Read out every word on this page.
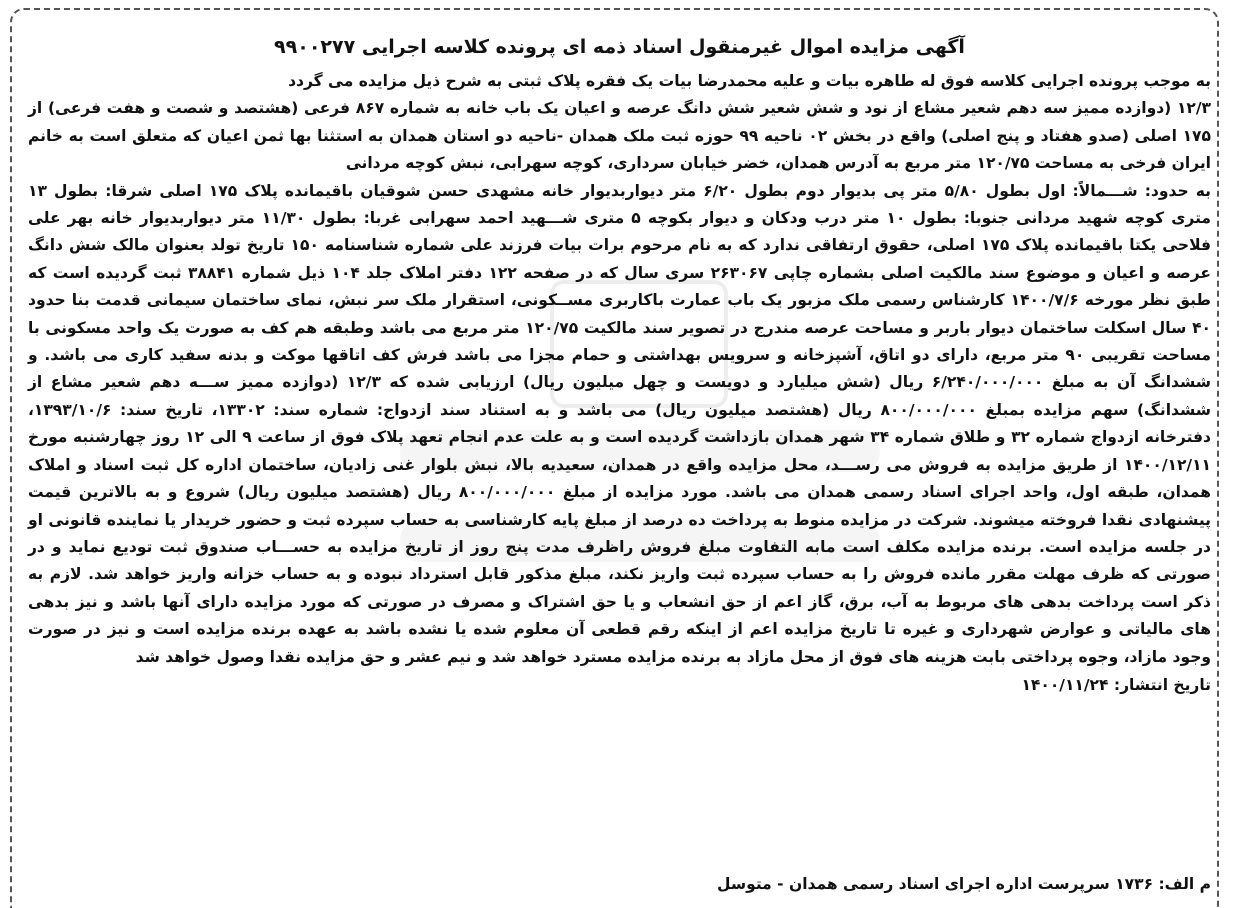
آگهی مزایده اموال غیرمنقول اسناد ذمه ای پرونده کلاسه اجرایی ۹۹۰۰۲۷۷

به موجب پرونده اجرایی کلاسه فوق له طاهره بیات و علیه محمدرضا بیات یک فقره پلاک ثبتی به شرح ذیل مزایده می گردد

۱۲/۳ (دوازده ممیز سه دهم شعیر مشاع از نود و شش شعیر شش دانگ عرصه و اعیان یک باب خانه به شماره ۸۶۷ فرعی (هشتصد و شصت و هفت فرعی) از ۱۷۵ اصلی (صدو هفتاد و پنج اصلی) واقع در بخش ۰۲ ناحیه ۹۹ حوزه ثبت ملک همدان -ناحیه دو استان همدان به استثنا بها ثمن اعیان که متعلق است به خانم ایران فرخی به مساحت ۱۲۰/۷۵ متر مربع به آدرس همدان، خضر خیابان سرداری، کوچه سهرابی، نبش کوچه مردانی

به حدود: شـــمالاً: اول بطول ۵/۸۰ متر پی بدیوار دوم بطول ۶/۲۰ متر دیواربدیوار خانه مشهدی حسن شوقیان باقیمانده پلاک ۱۷۵ اصلی شرقا: بطول ۱۳ متری کوچه شهید مردانی جنوبا: بطول ۱۰ متر درب ودکان و دیوار بکوچه ۵ متری شـــهید احمد سهرابی غربا: بطول ۱۱/۳۰ متر دیواربدیوار خانه بهر علی فلاحی یکتا باقیمانده پلاک ۱۷۵ اصلی، حقوق ارتفاقی ندارد که به نام مرحوم برات بیات فرزند علی شماره شناسنامه ۱۵۰ تاریخ تولد بعنوان مالک شش دانگ عرصه و اعیان و موضوع سند مالکیت اصلی بشماره چاپی ۲۶۳۰۶۷ سری سال که در صفحه ۱۲۲ دفتر املاک جلد ۱۰۴ ذیل شماره ۳۸۸۴۱ ثبت گردیده است که طبق نظر مورخه ۱۴۰۰/۷/۶ کارشناس رسمی ملک مزبور یک باب عمارت باکاربری مســکونی، استقرار ملک سر نبش، نمای ساختمان سیمانی قدمت بنا حدود ۴۰ سال اسکلت ساختمان دیوار باربر و مساحت عرصه مندرج در تصویر سند مالکیت ۱۲۰/۷۵ متر مربع می باشد وطبقه هم کف به صورت یک واحد مسکونی با مساحت تقریبی ۹۰ متر مربع، دارای دو اتاق، آشپزخانه و سرویس بهداشتی و حمام مجزا می باشد فرش کف اتاقها موکت و بدنه سفید کاری می باشد. و ششدانگ آن به مبلغ ۶/۲۴۰/۰۰۰/۰۰۰ ریال (شش میلیارد و دویست و چهل میلیون ریال) ارزیابی شده که ۱۲/۳ (دوازده ممیز ســـه دهم شعیر مشاع از ششدانگ) سهم مزایده بمبلغ ۸۰۰/۰۰۰/۰۰۰ ریال (هشتصد میلیون ریال) می باشد و به استناد سند ازدواج: شماره سند: ۱۳۳۰۲، تاریخ سند: ۱۳۹۳/۱۰/۶، دفترخانه ازدواج شماره ۳۲ و طلاق شماره ۳۴ شهر همدان بازداشت گردیده است و به علت عدم انجام تعهد پلاک فوق از ساعت ۹ الی ۱۲ روز چهارشنبه مورخ ۱۴۰۰/۱۲/۱۱ از طریق مزایده به فروش می رســـد، محل مزایده واقع در همدان، سعیدیه بالا، نبش بلوار غنی زادیان، ساختمان اداره کل ثبت اسناد و املاک همدان، طبقه اول، واحد اجرای اسناد رسمی همدان می باشد. مورد مزایده از مبلغ ۸۰۰/۰۰۰/۰۰۰ ریال (هشتصد میلیون ریال) شروع و به بالاترین قیمت پیشنهادی نقدا فروخته میشوند. شرکت در مزایده منوط به پرداخت ده درصد از مبلغ پایه کارشناسی به حساب سپرده ثبت و حضور خریدار یا نماینده قانونی او در جلسه مزایده است. برنده مزایده مکلف است مابه التفاوت مبلغ فروش راظرف مدت پنج روز از تاریخ مزایده به حســـاب صندوق ثبت تودیع نماید و در صورتی که ظرف مهلت مقرر مانده فروش را به حساب سپرده ثبت واریز نکند، مبلغ مذکور قابل استرداد نبوده و به حساب خزانه واریز خواهد شد. لازم به ذکر است پرداخت بدهی های مربوط به آب، برق، گاز اعم از حق انشعاب و یا حق اشتراک و مصرف در صورتی که مورد مزایده دارای آنها باشد و نیز بدهی های مالیاتی و عوارض شهرداری و غیره تا تاریخ مزایده اعم از اینکه رقم قطعی آن معلوم شده یا نشده باشد به عهده برنده مزایده است و نیز در صورت وجود مازاد، وجوه پرداختی بابت هزینه های فوق از محل مازاد به برنده مزایده مسترد خواهد شد و نیم عشر و حق مزایده نقدا وصول خواهد شد

تاریخ انتشار: ۱۴۰۰/۱۱/۲۴
م الف: ۱۷۳۶ سرپرست اداره اجرای اسناد رسمی همدان - متوسل
